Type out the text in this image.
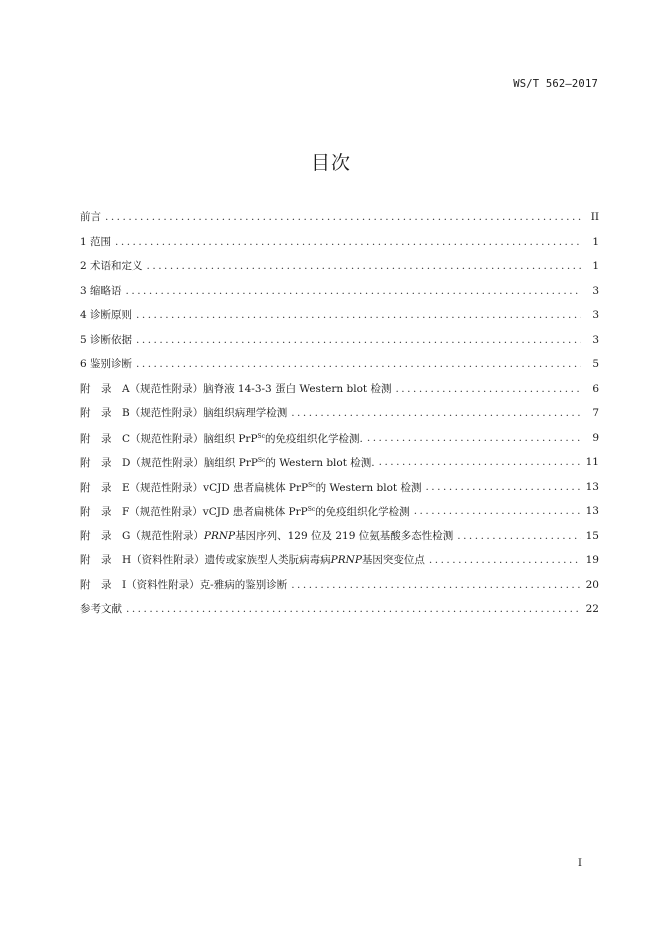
WS/T 562—2017
目次
前言 .....	II
1 范围 .....	1
2 术语和定义 .....	1
3 缩略语 .....	3
4 诊断原则 .....	3
5 诊断依据 .....	3
6 鉴别诊断 .....	5
附　录　A（规范性附录）脑脊液 14-3-3 蛋白 Western blot 检测 .....	6
附　录　B（规范性附录）脑组织病理学检测 .....	7
附　录　C（规范性附录）脑组织 PrP$^{Sc}$的免疫组织化学检测. .....	9
附　录　D（规范性附录）脑组织 PrP$^{Sc}$的 Western blot 检测. .....	11
附　录　E（规范性附录）vCJD 患者扁桃体 PrP$^{Sc}$的 Western blot 检测 .....	13
附　录　F（规范性附录）vCJD 患者扁桃体 PrP$^{Sc}$的免疫组织化学检测 .....	13
附　录　G（规范性附录）PRNP基因序列、129 位及 219 位氨基酸多态性检测 .....	15
附　录　H（资料性附录）遗传或家族型人类朊病毒病PRNP基因突变位点 .....	19
附　录　I（资料性附录）克-雅病的鉴别诊断 .....	20
参考文献 .....	22
I
